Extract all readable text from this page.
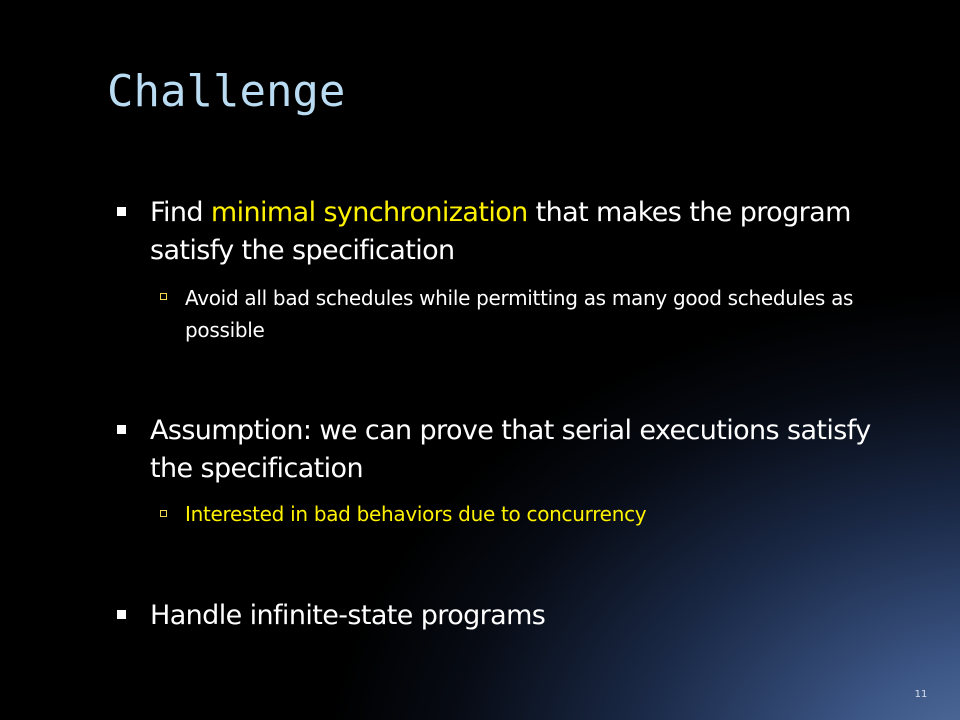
Challenge
Find minimal synchronization that makes the program satisfy the specification
Avoid all bad schedules while permitting as many good schedules as possible
Assumption: we can prove that serial executions satisfy the specification
Interested in bad behaviors due to concurrency
Handle infinite-state programs
11
